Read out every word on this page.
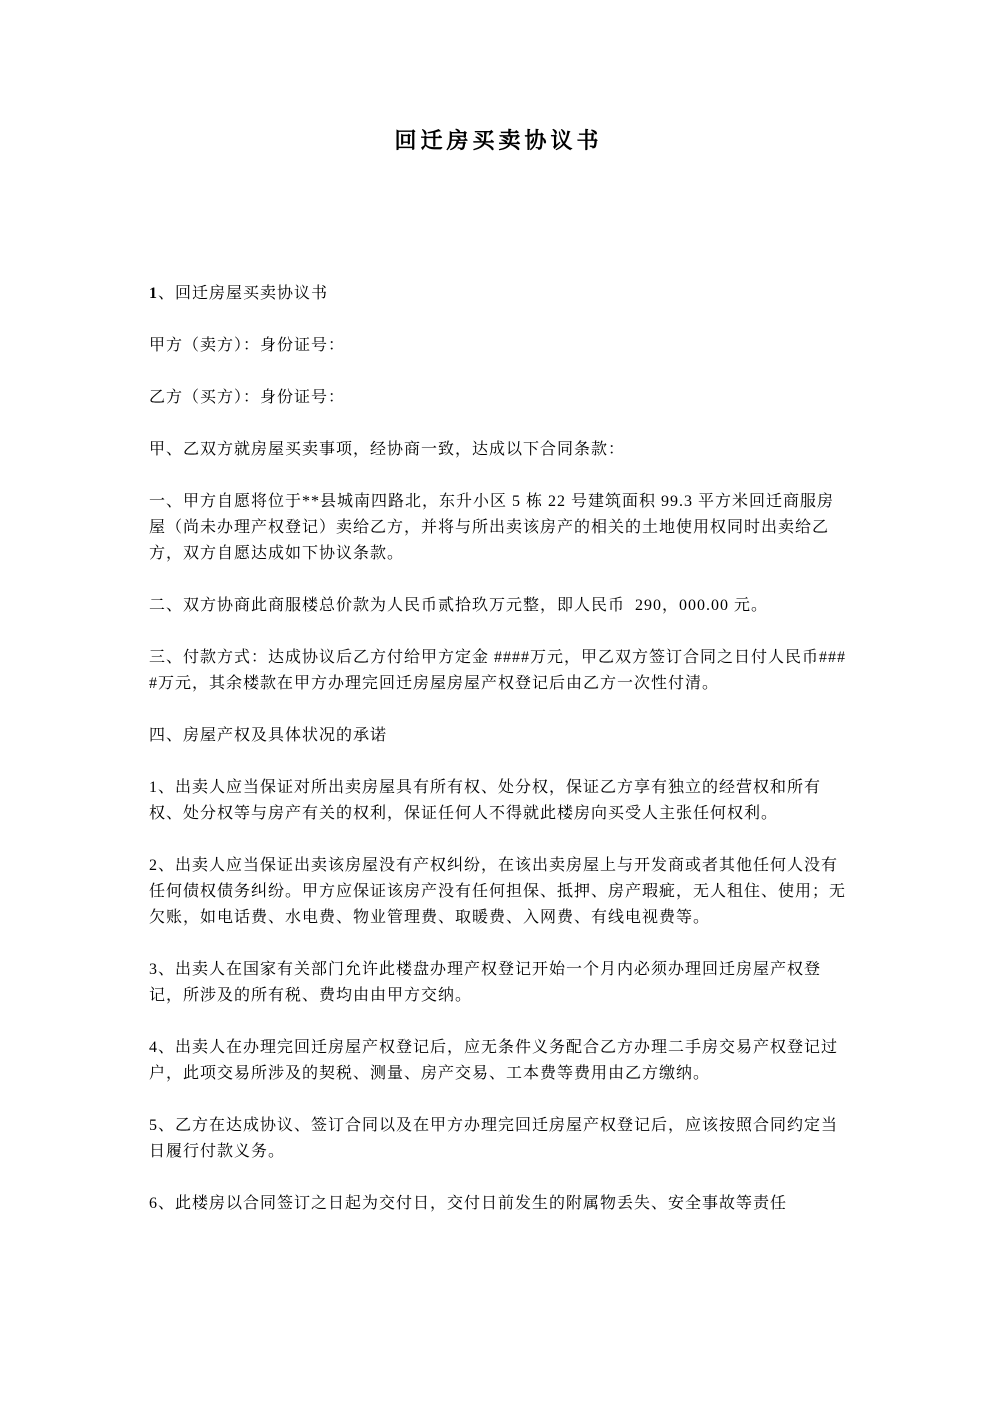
回迁房买卖协议书

1、回迁房屋买卖协议书

甲方（卖方）：身份证号：

乙方（买方）：身份证号：

甲、乙双方就房屋买卖事项，经协商一致，达成以下合同条款：

一、甲方自愿将位于**县城南四路北，东升小区 5 栋 22 号建筑面积 99.3 平方米回迁商服房屋（尚未办理产权登记）卖给乙方，并将与所出卖该房产的相关的土地使用权同时出卖给乙方，双方自愿达成如下协议条款。

二、双方协商此商服楼总价款为人民币贰拾玖万元整，即人民币  290，000.00 元。

三、付款方式：达成协议后乙方付给甲方定金 ####万元，甲乙双方签订合同之日付人民币####万元，其余楼款在甲方办理完回迁房屋房屋产权登记后由乙方一次性付清。

四、房屋产权及具体状况的承诺

1、出卖人应当保证对所出卖房屋具有所有权、处分权，保证乙方享有独立的经营权和所有权、处分权等与房产有关的权利，保证任何人不得就此楼房向买受人主张任何权利。

2、出卖人应当保证出卖该房屋没有产权纠纷，在该出卖房屋上与开发商或者其他任何人没有任何债权债务纠纷。甲方应保证该房产没有任何担保、抵押、房产瑕疵，无人租住、使用；无欠账，如电话费、水电费、物业管理费、取暖费、入网费、有线电视费等。

3、出卖人在国家有关部门允许此楼盘办理产权登记开始一个月内必须办理回迁房屋产权登记，所涉及的所有税、费均由由甲方交纳。

4、出卖人在办理完回迁房屋产权登记后，应无条件义务配合乙方办理二手房交易产权登记过户，此项交易所涉及的契税、测量、房产交易、工本费等费用由乙方缴纳。

5、乙方在达成协议、签订合同以及在甲方办理完回迁房屋产权登记后，应该按照合同约定当日履行付款义务。

6、此楼房以合同签订之日起为交付日，交付日前发生的附属物丢失、安全事故等责任
